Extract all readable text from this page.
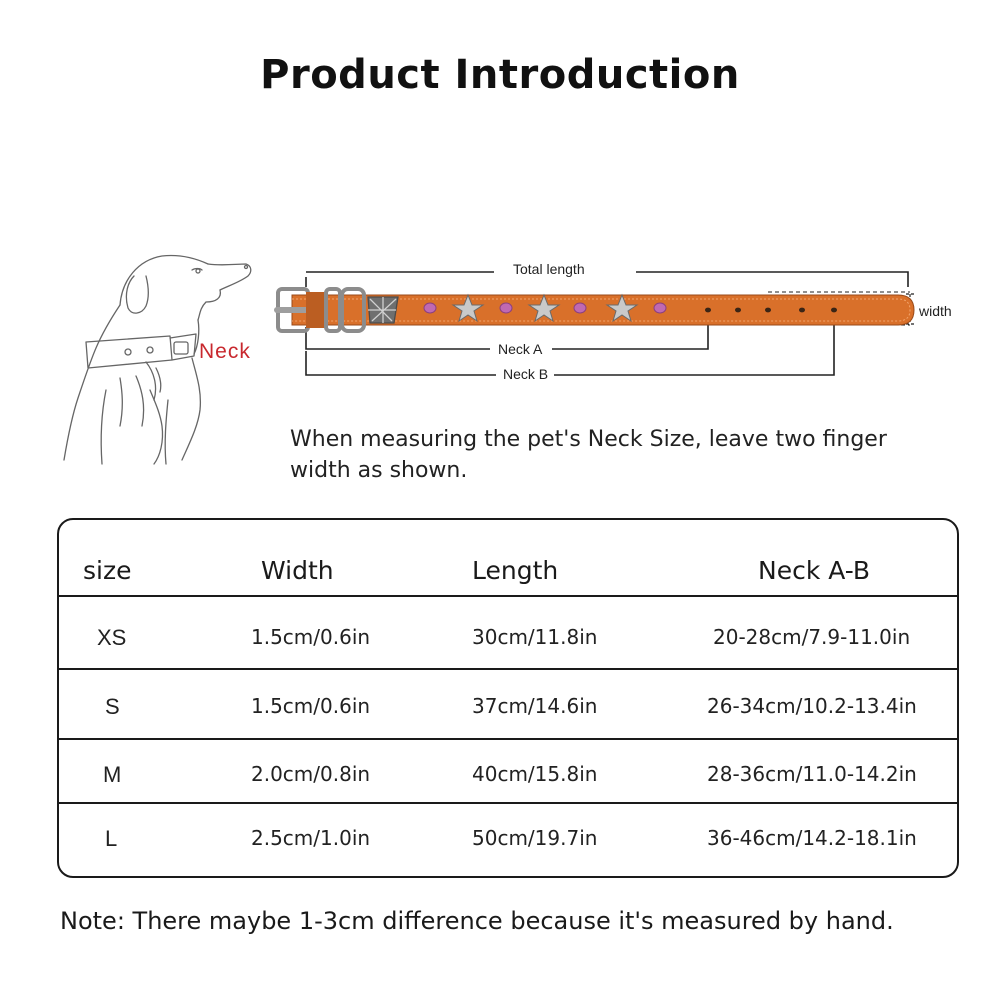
Product Introduction
Neck
Total length
width
Neck A
Neck B
When measuring the pet's Neck Size, leave two finger width as shown.
size	Width	Length	Neck A-B
XS	1.5cm/0.6in	30cm/11.8in	20-28cm/7.9-11.0in
S	1.5cm/0.6in	37cm/14.6in	26-34cm/10.2-13.4in
M	2.0cm/0.8in	40cm/15.8in	28-36cm/11.0-14.2in
L	2.5cm/1.0in	50cm/19.7in	36-46cm/14.2-18.1in
Note: There maybe 1-3cm difference because it's measured by hand.
